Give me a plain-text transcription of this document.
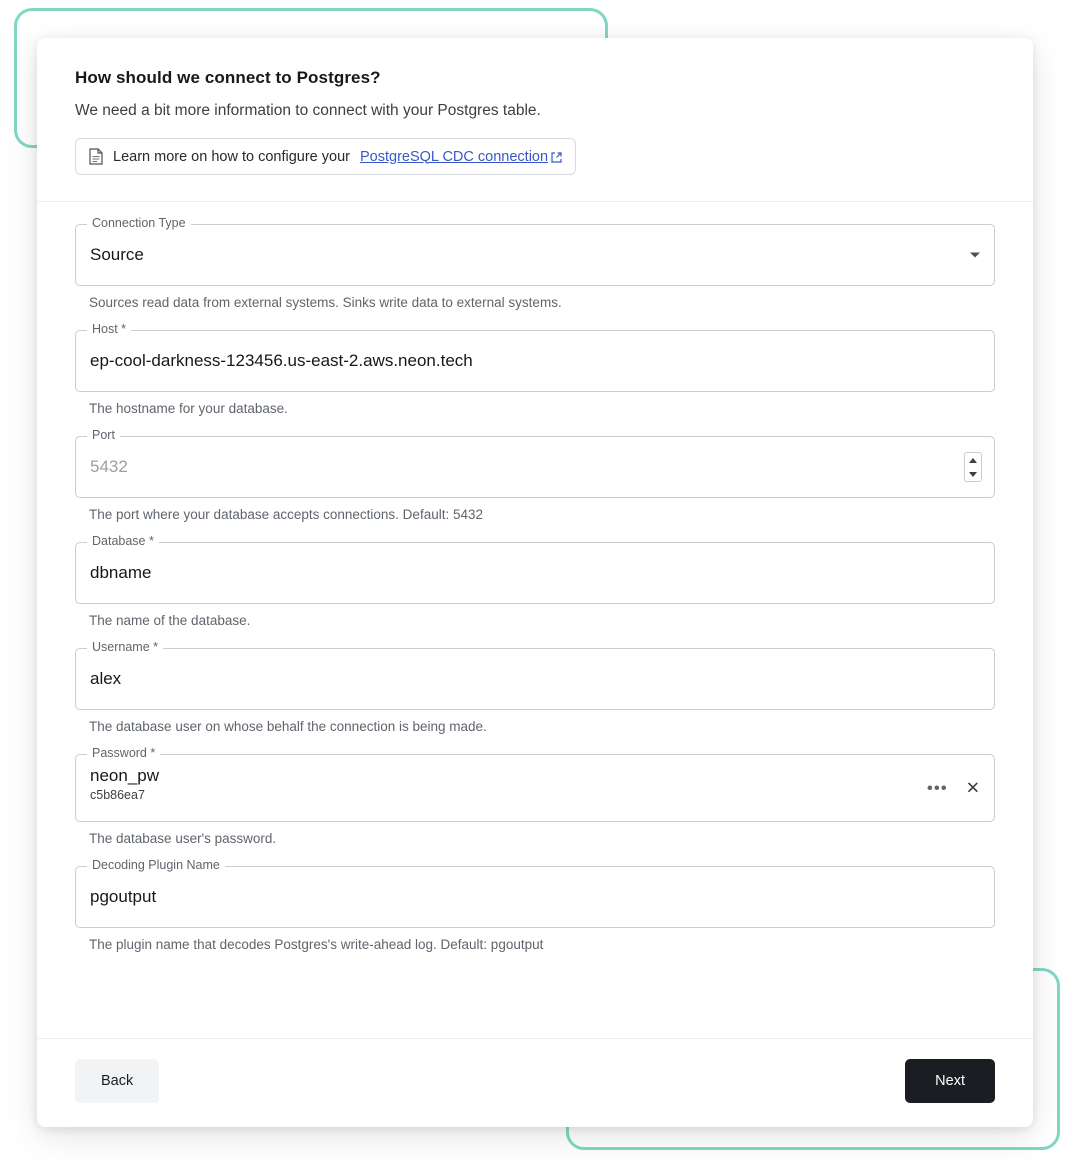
How should we connect to Postgres?

We need a bit more information to connect with your Postgres table.

Learn more on how to configure your PostgreSQL CDC connection
Connection Type
Source
Sources read data from external systems. Sinks write data to external systems.
Host *
ep-cool-darkness-123456.us-east-2.aws.neon.tech
The hostname for your database.
Port
5432
The port where your database accepts connections. Default: 5432
Database *
dbname
The name of the database.
Username *
alex
The database user on whose behalf the connection is being made.
Password *
neon_pw
c5b86ea7	••• ✕
The database user's password.
Decoding Plugin Name
pgoutput
The plugin name that decodes Postgres's write-ahead log. Default: pgoutput
Back	Next
